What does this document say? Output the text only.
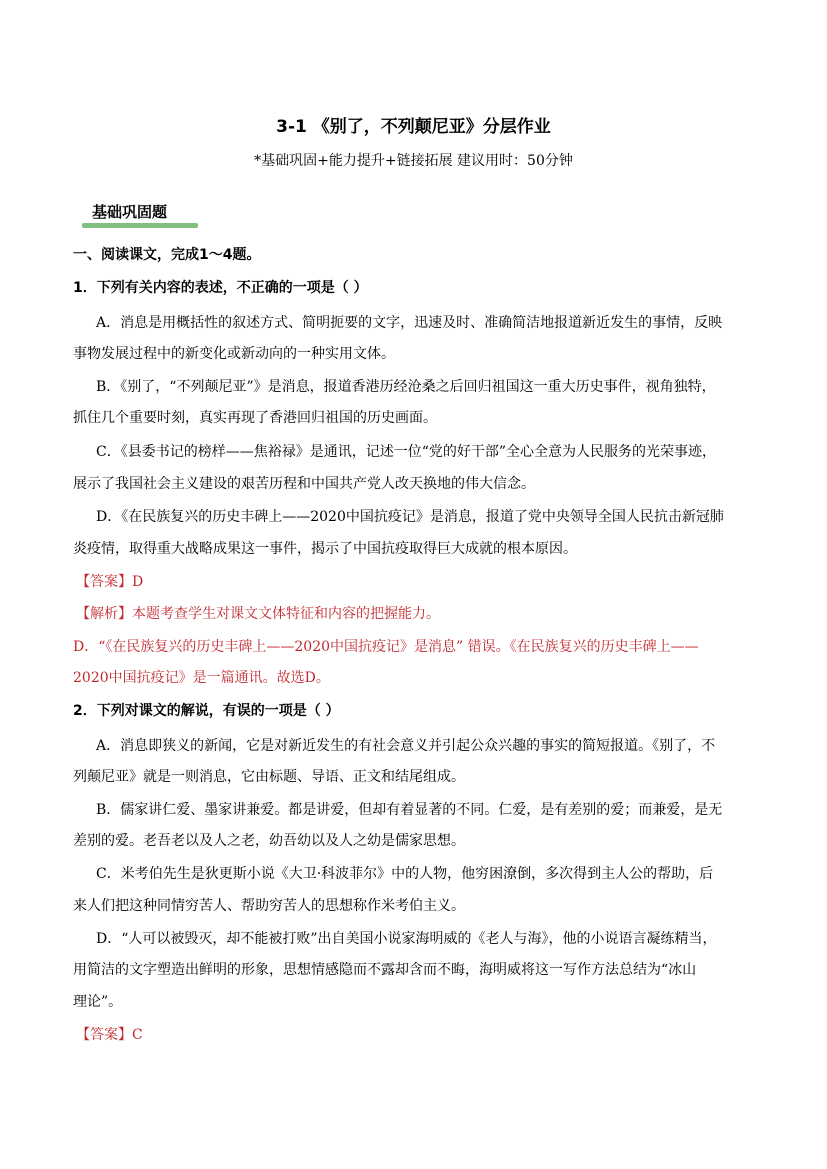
3-1 《别了，不列颠尼亚》分层作业
*基础巩固+能力提升+链接拓展 建议用时：50分钟
基础巩固题
一、阅读课文，完成1～4题。
1．下列有关内容的表述，不正确的一项是（ ）
A．消息是用概括性的叙述方式、简明扼要的文字，迅速及时、准确简洁地报道新近发生的事情，反映
事物发展过程中的新变化或新动向的一种实用文体。
B．《别了，“不列颠尼亚”》是消息，报道香港历经沧桑之后回归祖国这一重大历史事件，视角独特，
抓住几个重要时刻，真实再现了香港回归祖国的历史画面。
C．《县委书记的榜样——焦裕禄》是通讯，记述一位“党的好干部”全心全意为人民服务的光荣事迹，
展示了我国社会主义建设的艰苦历程和中国共产党人改天换地的伟大信念。
D．《在民族复兴的历史丰碑上——2020中国抗疫记》是消息，报道了党中央领导全国人民抗击新冠肺
炎疫情，取得重大战略成果这一事件，揭示了中国抗疫取得巨大成就的根本原因。
【答案】D
【解析】本题考查学生对课文文体特征和内容的把握能力。
D．“《在民族复兴的历史丰碑上——2020中国抗疫记》是消息” 错误。《在民族复兴的历史丰碑上——
2020中国抗疫记》是一篇通讯。故选D。
2．下列对课文的解说，有误的一项是（ ）
A．消息即狭义的新闻，它是对新近发生的有社会意义并引起公众兴趣的事实的简短报道。《别了，不
列颠尼亚》就是一则消息，它由标题、导语、正文和结尾组成。
B．儒家讲仁爱、墨家讲兼爱。都是讲爱，但却有着显著的不同。仁爱，是有差别的爱；而兼爱，是无
差别的爱。老吾老以及人之老，幼吾幼以及人之幼是儒家思想。
C．米考伯先生是狄更斯小说《大卫·科波菲尔》中的人物，他穷困潦倒，多次得到主人公的帮助，后
来人们把这种同情穷苦人、帮助穷苦人的思想称作米考伯主义。
D．“人可以被毁灭，却不能被打败”出自美国小说家海明威的《老人与海》，他的小说语言凝练精当，
用简洁的文字塑造出鲜明的形象，思想情感隐而不露却含而不晦，海明威将这一写作方法总结为“冰山
理论”。
【答案】C
